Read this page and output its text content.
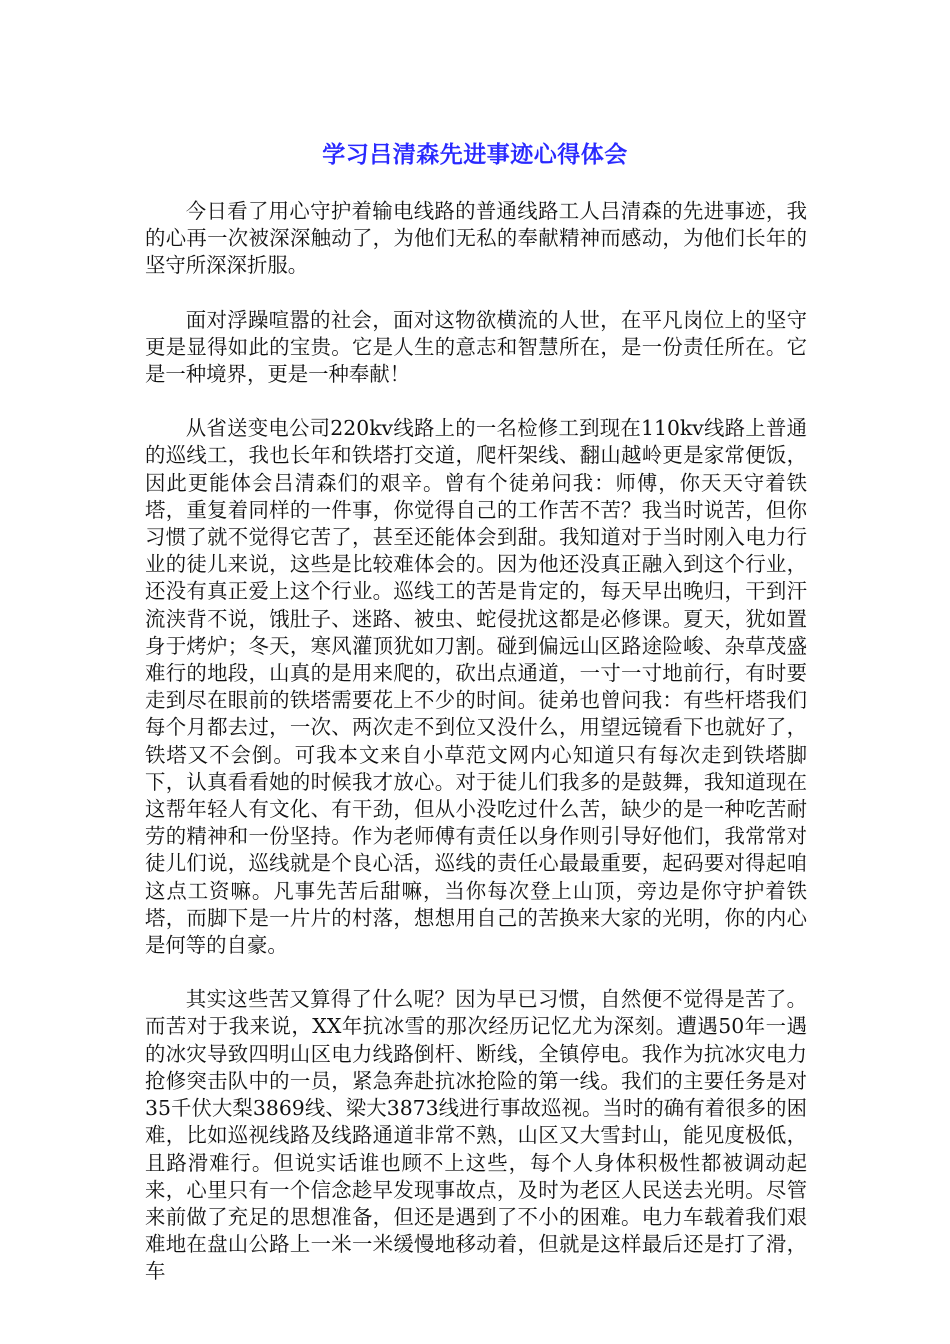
学习吕清森先进事迹心得体会

今日看了用心守护着输电线路的普通线路工人吕清森的先进事迹，我的心再一次被深深触动了，为他们无私的奉献精神而感动，为他们长年的坚守所深深折服。

面对浮躁喧嚣的社会，面对这物欲横流的人世，在平凡岗位上的坚守更是显得如此的宝贵。它是人生的意志和智慧所在，是一份责任所在。它是一种境界，更是一种奉献！

从省送变电公司220kv线路上的一名检修工到现在110kv线路上普通的巡线工，我也长年和铁塔打交道，爬杆架线、翻山越岭更是家常便饭，因此更能体会吕清森们的艰辛。曾有个徒弟问我：师傅，你天天守着铁塔，重复着同样的一件事，你觉得自己的工作苦不苦？我当时说苦，但你习惯了就不觉得它苦了，甚至还能体会到甜。我知道对于当时刚入电力行业的徒儿来说，这些是比较难体会的。因为他还没真正融入到这个行业，还没有真正爱上这个行业。巡线工的苦是肯定的，每天早出晚归，干到汗流浃背不说，饿肚子、迷路、被虫、蛇侵扰这都是必修课。夏天，犹如置身于烤炉；冬天，寒风灌顶犹如刀割。碰到偏远山区路途险峻、杂草茂盛难行的地段，山真的是用来爬的，砍出点通道，一寸一寸地前行，有时要走到尽在眼前的铁塔需要花上不少的时间。徒弟也曾问我：有些杆塔我们每个月都去过，一次、两次走不到位又没什么，用望远镜看下也就好了，铁塔又不会倒。可我本文来自小草范文网内心知道只有每次走到铁塔脚下，认真看看她的时候我才放心。对于徒儿们我多的是鼓舞，我知道现在这帮年轻人有文化、有干劲，但从小没吃过什么苦，缺少的是一种吃苦耐劳的精神和一份坚持。作为老师傅有责任以身作则引导好他们，我常常对徒儿们说，巡线就是个良心活，巡线的责任心最最重要，起码要对得起咱这点工资嘛。凡事先苦后甜嘛，当你每次登上山顶，旁边是你守护着铁塔，而脚下是一片片的村落，想想用自己的苦换来大家的光明，你的内心是何等的自豪。

其实这些苦又算得了什么呢？因为早已习惯，自然便不觉得是苦了。而苦对于我来说，XX年抗冰雪的那次经历记忆尤为深刻。遭遇50年一遇的冰灾导致四明山区电力线路倒杆、断线，全镇停电。我作为抗冰灾电力抢修突击队中的一员，紧急奔赴抗冰抢险的第一线。我们的主要任务是对35千伏大梨3869线、梁大3873线进行事故巡视。当时的确有着很多的困难，比如巡视线路及线路通道非常不熟，山区又大雪封山，能见度极低，且路滑难行。但说实话谁也顾不上这些，每个人身体积极性都被调动起来，心里只有一个信念趁早发现事故点，及时为老区人民送去光明。尽管来前做了充足的思想准备，但还是遇到了不小的困难。电力车载着我们艰难地在盘山公路上一米一米缓慢地移动着，但就是这样最后还是打了滑，车
